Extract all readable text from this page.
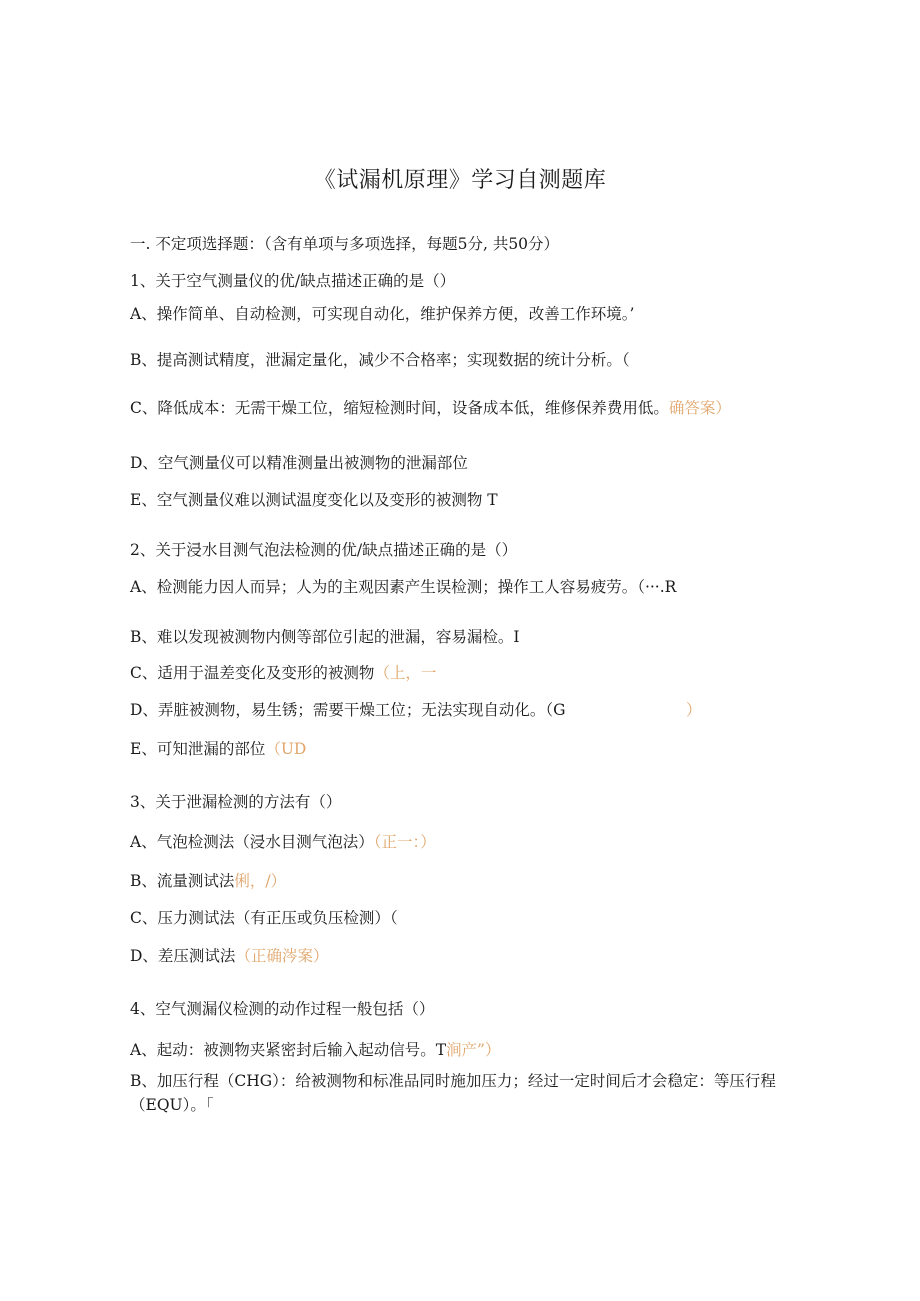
《试漏机原理》学习自测题库
一. 不定项选择题：（含有单项与多项选择，每题5分, 共50分）
1、关于空气测量仪的优/缺点描述正确的是（）
A、操作简单、自动检测，可实现自动化，维护保养方便，改善工作环境。’
B、提高测试精度，泄漏定量化，减少不合格率；实现数据的统计分析。（
C、降低成本：无需干燥工位，缩短检测时间，设备成本低，维修保养费用低。确答案）
D、空气测量仪可以精准测量出被测物的泄漏部位
E、空气测量仪难以测试温度变化以及变形的被测物 T
2、关于浸水目测气泡法检测的优/缺点描述正确的是（）
A、检测能力因人而异；人为的主观因素产生误检测；操作工人容易疲劳。（···.R
B、难以发现被测物内侧等部位引起的泄漏，容易漏检。I
C、适用于温差变化及变形的被测物（上，一
D、弄脏被测物，易生锈；需要干燥工位；无法实现自动化。（G	）
E、可知泄漏的部位（UD
3、关于泄漏检测的方法有（）
A、气泡检测法（浸水目测气泡法）（正一：）
B、流量测试法俐，/）
C、压力测试法（有正压或负压检测）（
D、差压测试法（正确涔案）
4、空气测漏仪检测的动作过程一般包括（）
A、起动：被测物夹紧密封后输入起动信号。T涧产”）
B、加压行程（CHG）：给被测物和标准品同时施加压力；经过一定时间后才会稳定：等压行程（EQU）。「
